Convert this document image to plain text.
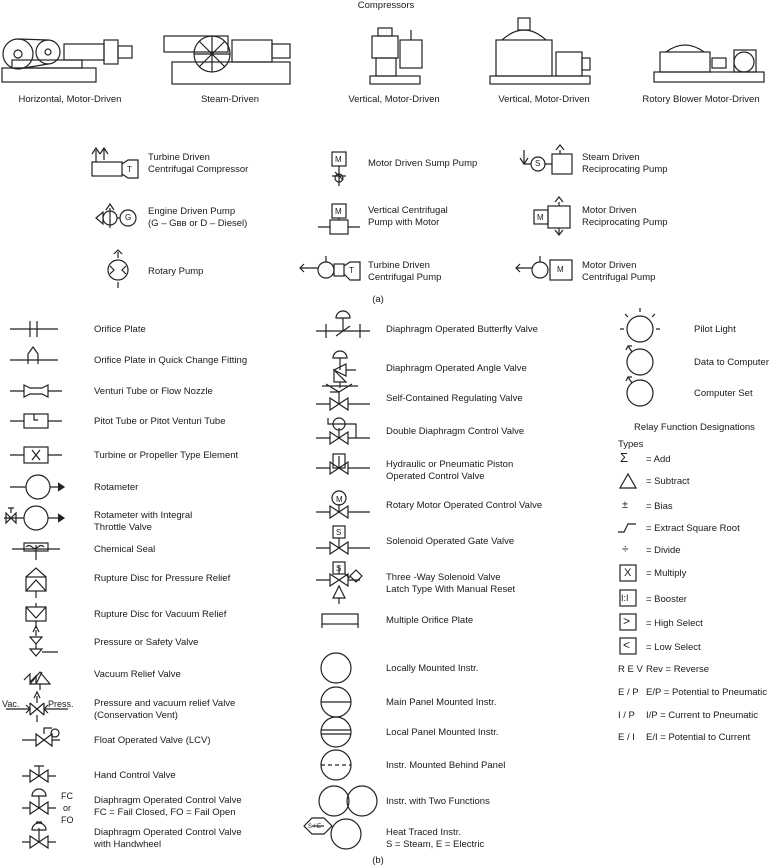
Compressors
Horizontal, Motor-Driven	Steam-Driven	Vertical, Motor-Driven	Vertical, Motor-Driven	Rotory Blower Motor-Driven
Turbine Driven
Centrifugal Compressor
Motor Driven Sump Pump
Steam Driven
Reciprocating Pump
Engine Driven Pump
(G – Gʙʙ or D – Diesel)
Vertical Centrifugal
Pump with Motor
Motor Driven
Reciprocating Pump
Rotary Pump
Turbine Driven
Centrifugal Pump
Motor Driven
Centrifugal Pump
T
M	S
G
M
M
T	M
(a)
Orifice Plate
Orifice Plate in Quick Change Fitting
Venturi Tube or Flow Nozzle
Pitot Tube or Pitot Venturi Tube
Turbine or Propeller Type Element
Rotameter
Rotameter with Integral
Throttle Valve
Chemical Seal
Rupture Disc for Pressure Relief
Rupture Disc for Vacuum Relief
Pressure or Safety Valve
Vacuum Relief Valve
Pressure and vacuum relief Valve
(Conservation Vent)
Float Operated Valve (LCV)
Hand Control Valve
Diaphragm Operated Control Valve
FC = Fail Closed, FO = Fail Open
Diaphragm Operated Control Valve
with Handwheel
Vac.	Press.
FC
or
FO
Diaphragm Operated Butterfly Valve
Diaphragm Operated Angle Valve
Self-Contained Regulating Valve
Double Diaphragm Control Valve
Hydraulic or Pneumatic Piston
Operated Control Valve
Rotary Motor Operated Control Valve
Solenoid Operated Gate Valve
Three -Way Solenoid Valve
Latch Type With Manual Reset
Multiple Orifice Plate
M
S
S
Locally Mounted Instr.
Main Panel Mounted Instr.
Local Panel Mounted Instr.
Instr. Mounted Behind Panel
Instr. with Two Functions
Heat Traced Instr.
S = Steam, E = Electric
S / E
Pilot Light
Data to Computer
Computer Set
Relay Function Designations
Types
Σ = Add
= Subtract
± = Bias
= Extract Square Root
÷ = Divide
X = Multiply
I:I = Booster
> = High Select
< = Low Select
R E V Rev = Reverse
E / P E/P = Potential to Pneumatic
I / P I/P = Current to Pneumatic
E / I E/I = Potential to Current
(b)
